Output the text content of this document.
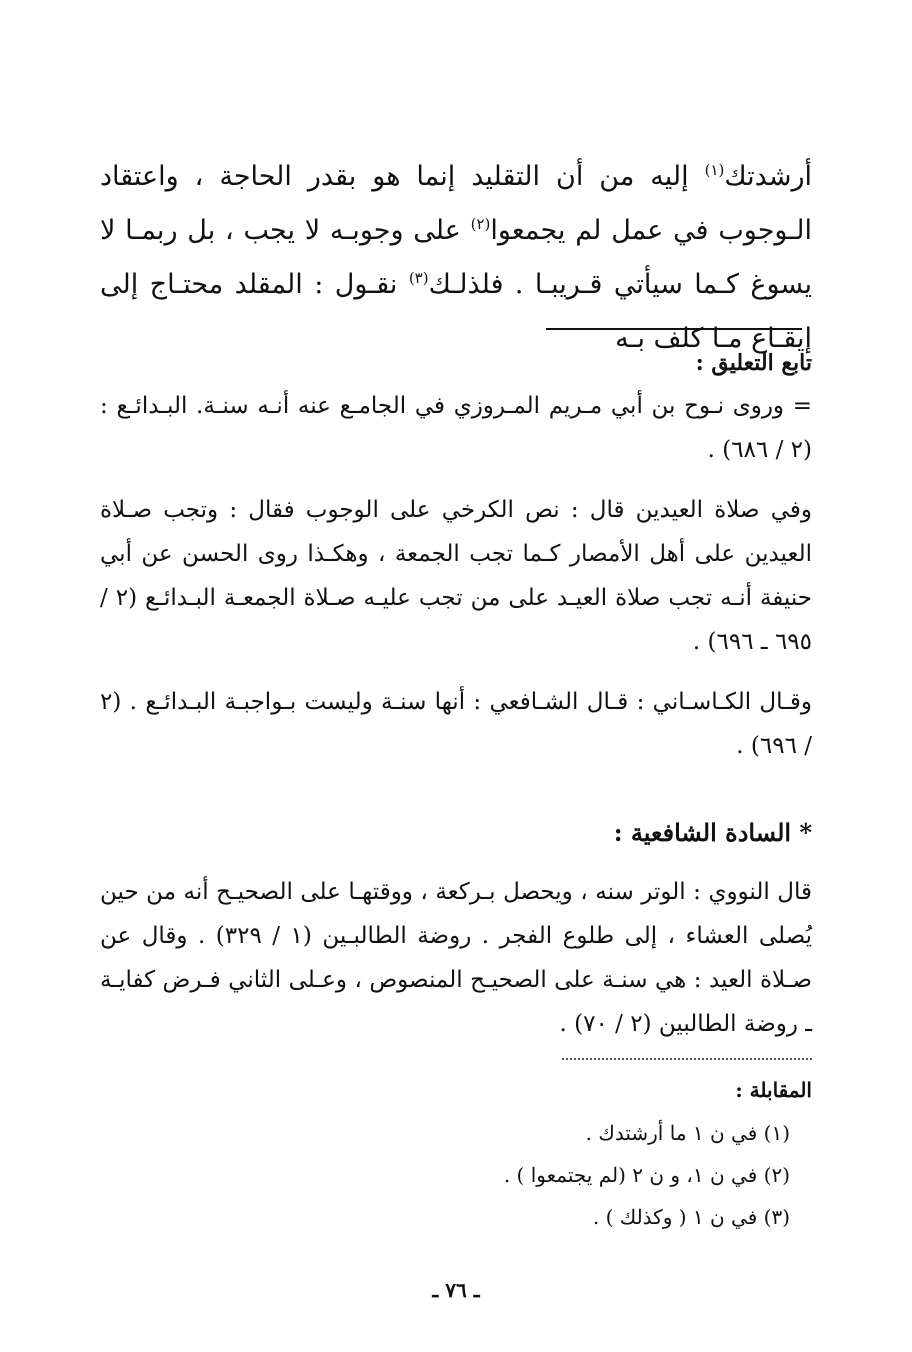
أرشدتك$^{(١)}$ إليه من أن التقليد إنما هو بقدر الحاجة ، واعتقاد الـوجوب في عمل لم يجمعوا$^{(٢)}$ على وجوبـه لا يجب ، بل ربمـا لا يسوغ كـما سيأتي قـريبـا . فلذلـك$^{(٣)}$ نقـول : المقلد محتـاج إلى إيقـاع مـا كلف بـه

تابع التعليق :

= وروى نـوح بن أبي مـريم المـروزي في الجامـع عنه أنـه سنـة. البـدائـع : (٢ / ٦٨٦) .

وفي صلاة العيدين قال : نص الكرخي على الوجوب فقال : وتجب صـلاة العيدين على أهل الأمصار كـما تجب الجمعة ، وهكـذا روى الحسن عن أبي حنيفة أنـه تجب صلاة العيـد على من تجب عليـه صـلاة الجمعـة البـدائـع (٢ / ٦٩٥ ـ ٦٩٦) .

وقـال الكـاسـاني : قـال الشـافعي : أنها سنـة وليست بـواجبـة البـدائـع . (٢ / ٦٩٦) .

* السادة الشافعية :

قال النووي : الوتر سنه ، ويحصل بـركعة ، ووقتهـا على الصحيـح أنه من حين يُصلى العشاء ، إلى طلوع الفجر . روضة الطالبـين (١ / ٣٢٩) . وقال عن صـلاة العيد : هي سنـة على الصحيـح المنصوص ، وعـلى الثاني فـرض كفايـة ـ روضة الطالبين (٢ / ٧٠) .

المقابلة :
(١) في ن ١ ما أرشتدك .
(٢) في ن ١، و ن ٢ (لم يجتمعوا ) .
(٣) في ن ١ ( وكذلك ) .
ـ ٧٦ ـ
